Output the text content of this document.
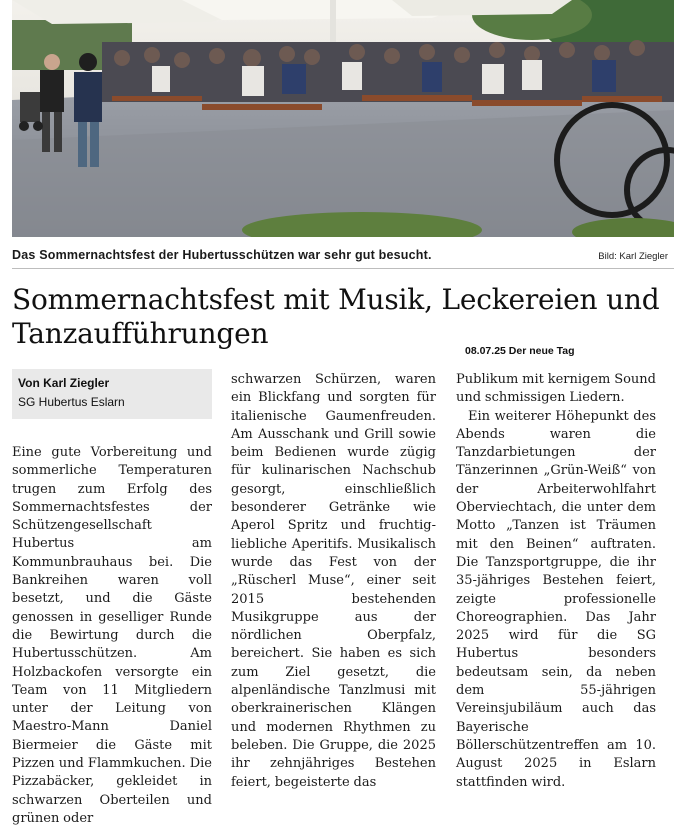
Das Sommernachtsfest der Hubertusschützen war sehr gut besucht.	Bild: Karl Ziegler
Sommernachtsfest mit Musik, Leckereien und Tanzaufführungen
08.07.25 Der neue Tag
Von Karl Ziegler
SG Hubertus Eslarn

Eine gute Vorbereitung und sommerliche Temperaturen trugen zum Erfolg des Sommernachtsfestes der Schützengesellschaft Hubertus am Kommunbrauhaus bei. Die Bankreihen waren voll besetzt, und die Gäste genossen in geselliger Runde die Bewirtung durch die Hubertusschützen. Am Holzbackofen versorgte ein Team von 11 Mitgliedern unter der Leitung von Maestro-Mann Daniel Biermeier die Gäste mit Pizzen und Flammkuchen. Die Pizzabäcker, gekleidet in schwarzen Oberteilen und grünen oder

schwarzen Schürzen, waren ein Blickfang und sorgten für italienische Gaumenfreuden. Am Ausschank und Grill sowie beim Bedienen wurde zügig für kulinarischen Nachschub gesorgt, einschließlich besonderer Getränke wie Aperol Spritz und fruchtig-liebliche Aperitifs. Musikalisch wurde das Fest von der „Rüscherl Muse“, einer seit 2015 bestehenden Musikgruppe aus der nördlichen Oberpfalz, bereichert. Sie haben es sich zum Ziel gesetzt, die alpenländische Tanzlmusi mit oberkrainerischen Klängen und modernen Rhythmen zu beleben. Die Gruppe, die 2025 ihr zehnjähriges Bestehen feiert, begeisterte das

Publikum mit kernigem Sound und schmissigen Liedern.

Ein weiterer Höhepunkt des Abends waren die Tanzdarbietungen der Tänzerinnen „Grün-Weiß“ von der Arbeiterwohlfahrt Oberviechtach, die unter dem Motto „Tanzen ist Träumen mit den Beinen“ auftraten. Die Tanzsportgruppe, die ihr 35-jähriges Bestehen feiert, zeigte professionelle Choreographien. Das Jahr 2025 wird für die SG Hubertus besonders bedeutsam sein, da neben dem 55-jährigen Vereinsjubiläum auch das Bayerische Böllerschützentreffen am 10. August 2025 in Eslarn stattfinden wird.
